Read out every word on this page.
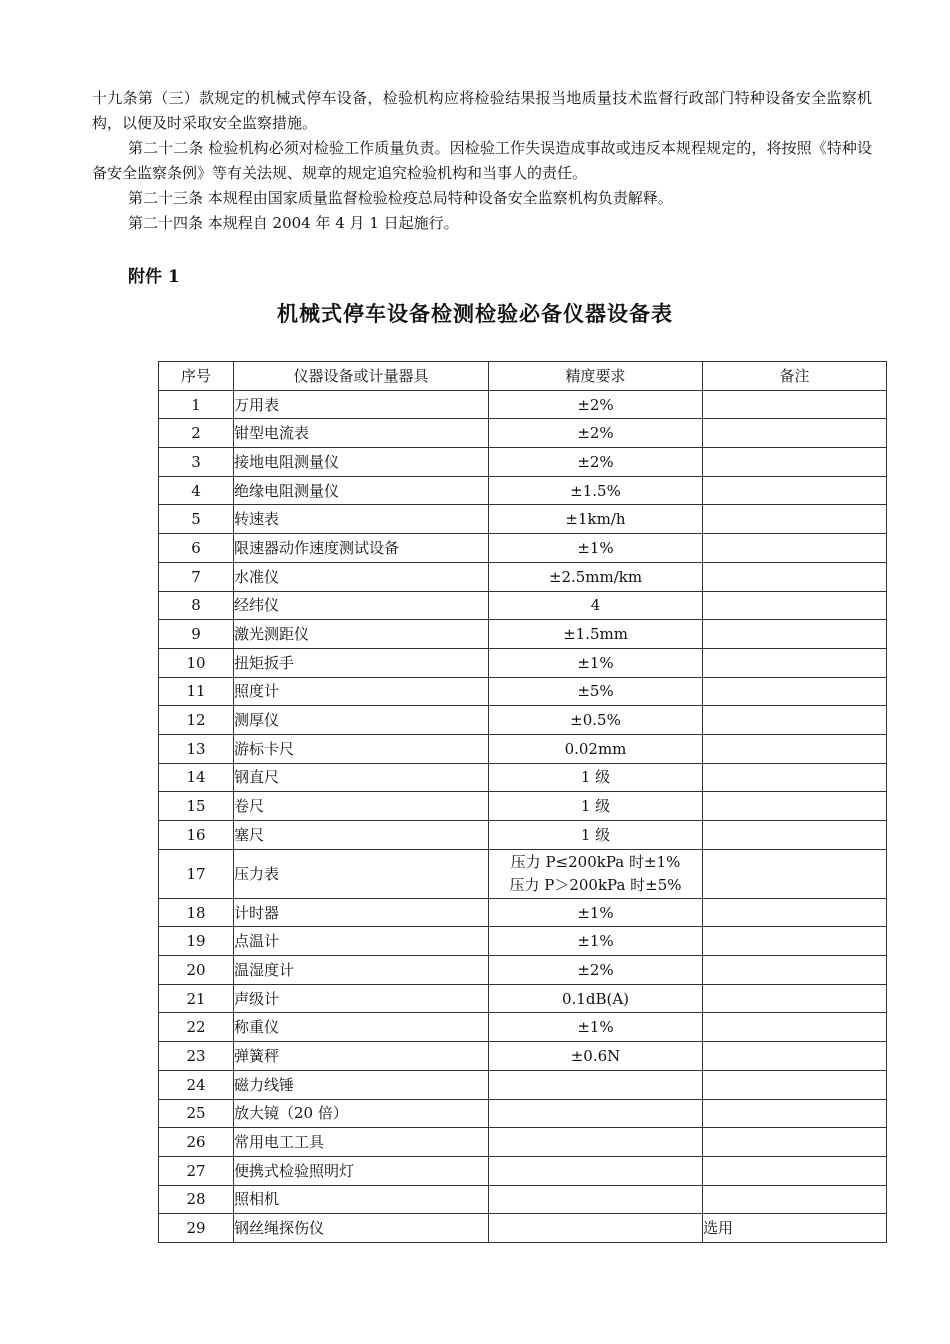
十九条第（三）款规定的机械式停车设备，检验机构应将检验结果报当地质量技术监督行政部门特种设备安全监察机构，以便及时采取安全监察措施。

第二十二条 检验机构必须对检验工作质量负责。因检验工作失误造成事故或违反本规程规定的，将按照《特种设备安全监察条例》等有关法规、规章的规定追究检验机构和当事人的责任。

第二十三条 本规程由国家质量监督检验检疫总局特种设备安全监察机构负责解释。

第二十四条 本规程自 2004 年 4 月 1 日起施行。

附件 1
机械式停车设备检测检验必备仪器设备表
序号	仪器设备或计量器具	精度要求	备注
1	万用表	±2%	
2	钳型电流表	±2%	
3	接地电阻测量仪	±2%	
4	绝缘电阻测量仪	±1.5%	
5	转速表	±1km/h	
6	限速器动作速度测试设备	±1%	
7	水准仪	±2.5mm/km	
8	经纬仪	4	
9	激光测距仪	±1.5mm	
10	扭矩扳手	±1%	
11	照度计	±5%	
12	测厚仪	±0.5%	
13	游标卡尺	0.02mm	
14	钢直尺	1 级	
15	卷尺	1 级	
16	塞尺	1 级	
17	压力表	压力 P≤200kPa 时±1%
压力 P＞200kPa 时±5%	

18	计时器	±1%	
19	点温计	±1%	
20	温湿度计	±2%	
21	声级计	0.1dB(A)	
22	称重仪	±1%	
23	弹簧秤	±0.6N	
24	磁力线锤		
25	放大镜（20 倍）		
26	常用电工工具		
27	便携式检验照明灯		
28	照相机		
29	钢丝绳探伤仪		选用
